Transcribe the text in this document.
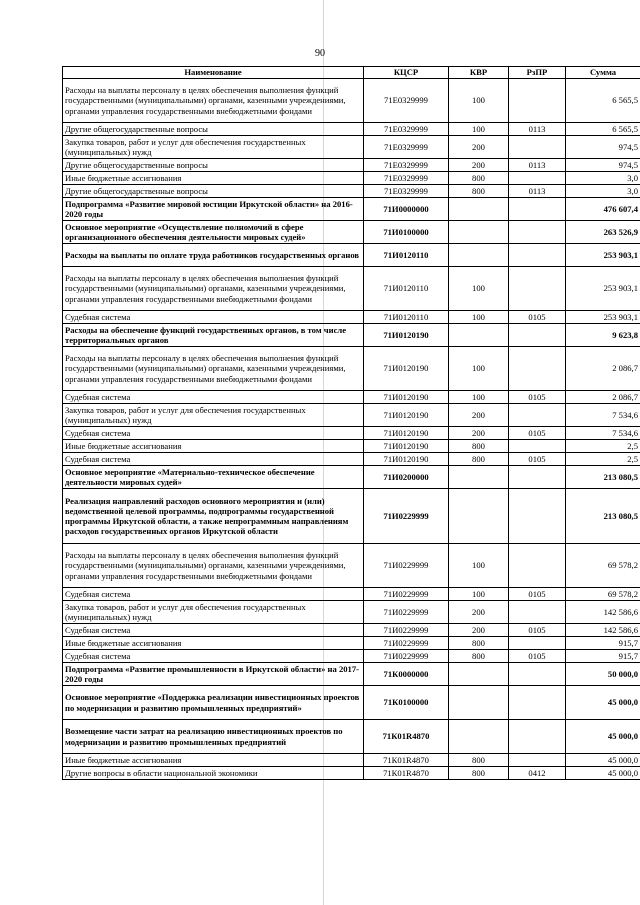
90
Наименование	КЦСР	КВР	РзПР	Сумма
Расходы на выплаты персоналу в целях обеспечения выполнения функций государственными (муниципальными) органами, казенными учреждениями, органами управления государственными внебюджетными фондами	71Е0329999	100		6 565,5
Другие общегосударственные вопросы	71Е0329999	100	0113	6 565,5
Закупка товаров, работ и услуг для обеспечения государственных (муниципальных) нужд	71Е0329999	200		974,5
Другие общегосударственные вопросы	71Е0329999	200	0113	974,5
Иные бюджетные ассигнования	71Е0329999	800		3,0
Другие общегосударственные вопросы	71Е0329999	800	0113	3,0
Подпрограмма «Развитие мировой юстиции Иркутской области» на 2016-2020 годы	71И0000000			476 607,4
Основное мероприятие «Осуществление полномочий в сфере организационного обеспечения деятельности мировых судей»	71И0100000			263 526,9
Расходы на выплаты по оплате труда работников государственных органов	71И0120110			253 903,1
Расходы на выплаты персоналу в целях обеспечения выполнения функций государственными (муниципальными) органами, казенными учреждениями, органами управления государственными внебюджетными фондами	71И0120110	100		253 903,1
Судебная система	71И0120110	100	0105	253 903,1
Расходы на обеспечение функций государственных органов, в том числе территориальных органов	71И0120190			9 623,8
Расходы на выплаты персоналу в целях обеспечения выполнения функций государственными (муниципальными) органами, казенными учреждениями, органами управления государственными внебюджетными фондами	71И0120190	100		2 086,7
Судебная система	71И0120190	100	0105	2 086,7
Закупка товаров, работ и услуг для обеспечения государственных (муниципальных) нужд	71И0120190	200		7 534,6
Судебная система	71И0120190	200	0105	7 534,6
Иные бюджетные ассигнования	71И0120190	800		2,5
Судебная система	71И0120190	800	0105	2,5
Основное мероприятие «Материально-техническое обеспечение деятельности мировых судей»	71И0200000			213 080,5
Реализация направлений расходов основного мероприятия и (или) ведомственной целевой программы, подпрограммы государственной программы Иркутской области, а также непрограммным направлениям расходов государственных органов Иркутской области	71И0229999			213 080,5
Расходы на выплаты персоналу в целях обеспечения выполнения функций государственными (муниципальными) органами, казенными учреждениями, органами управления государственными внебюджетными фондами	71И0229999	100		69 578,2
Судебная система	71И0229999	100	0105	69 578,2
Закупка товаров, работ и услуг для обеспечения государственных (муниципальных) нужд	71И0229999	200		142 586,6
Судебная система	71И0229999	200	0105	142 586,6
Иные бюджетные ассигнования	71И0229999	800		915,7
Судебная система	71И0229999	800	0105	915,7
Подпрограмма «Развитие промышленности в Иркутской области» на 2017-2020 годы	71К0000000			50 000,0
Основное мероприятие «Поддержка реализации инвестиционных проектов по модернизации и развитию промышленных предприятий»	71К0100000			45 000,0
Возмещение части затрат на реализацию инвестиционных проектов по модернизации и развитию промышленных предприятий	71К01R4870			45 000,0
Иные бюджетные ассигнования	71К01R4870	800		45 000,0
Другие вопросы в области национальной экономики	71К01R4870	800	0412	45 000,0
